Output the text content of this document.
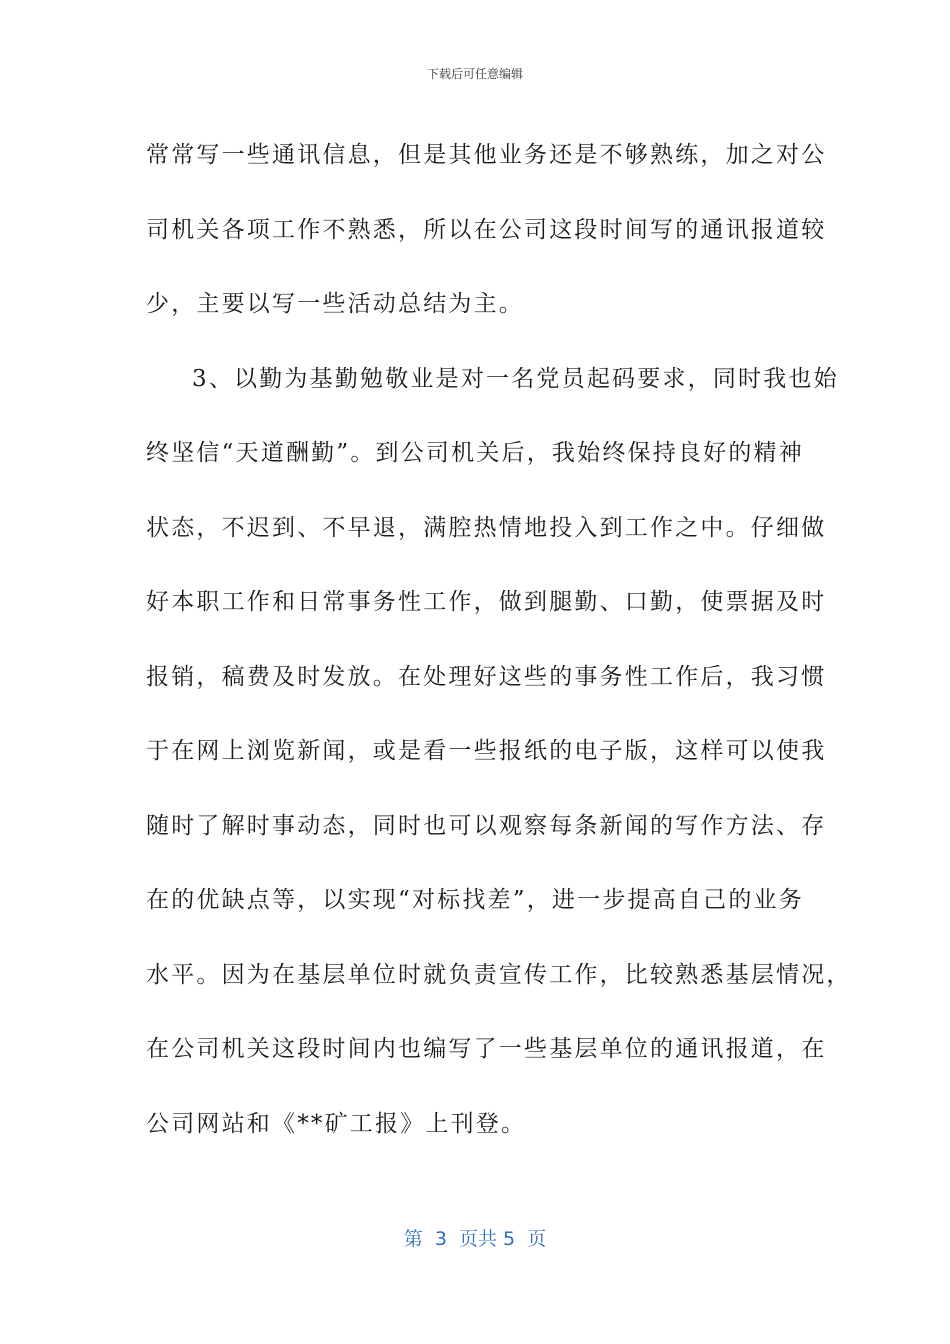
下载后可任意编辑
常常写一些通讯信息，但是其他业务还是不够熟练，加之对公
司机关各项工作不熟悉，所以在公司这段时间写的通讯报道较
少，主要以写一些活动总结为主。
3、以勤为基勤勉敬业是对一名党员起码要求，同时我也始
终坚信“天道酬勤”。到公司机关后，我始终保持良好的精神
状态，不迟到、不早退，满腔热情地投入到工作之中。仔细做
好本职工作和日常事务性工作，做到腿勤、口勤，使票据及时
报销，稿费及时发放。在处理好这些的事务性工作后，我习惯
于在网上浏览新闻，或是看一些报纸的电子版，这样可以使我
随时了解时事动态，同时也可以观察每条新闻的写作方法、存
在的优缺点等，以实现“对标找差”，进一步提高自己的业务
水平。因为在基层单位时就负责宣传工作，比较熟悉基层情况，
在公司机关这段时间内也编写了一些基层单位的通讯报道，在
公司网站和《**矿工报》上刊登。
第  3  页共 5  页
